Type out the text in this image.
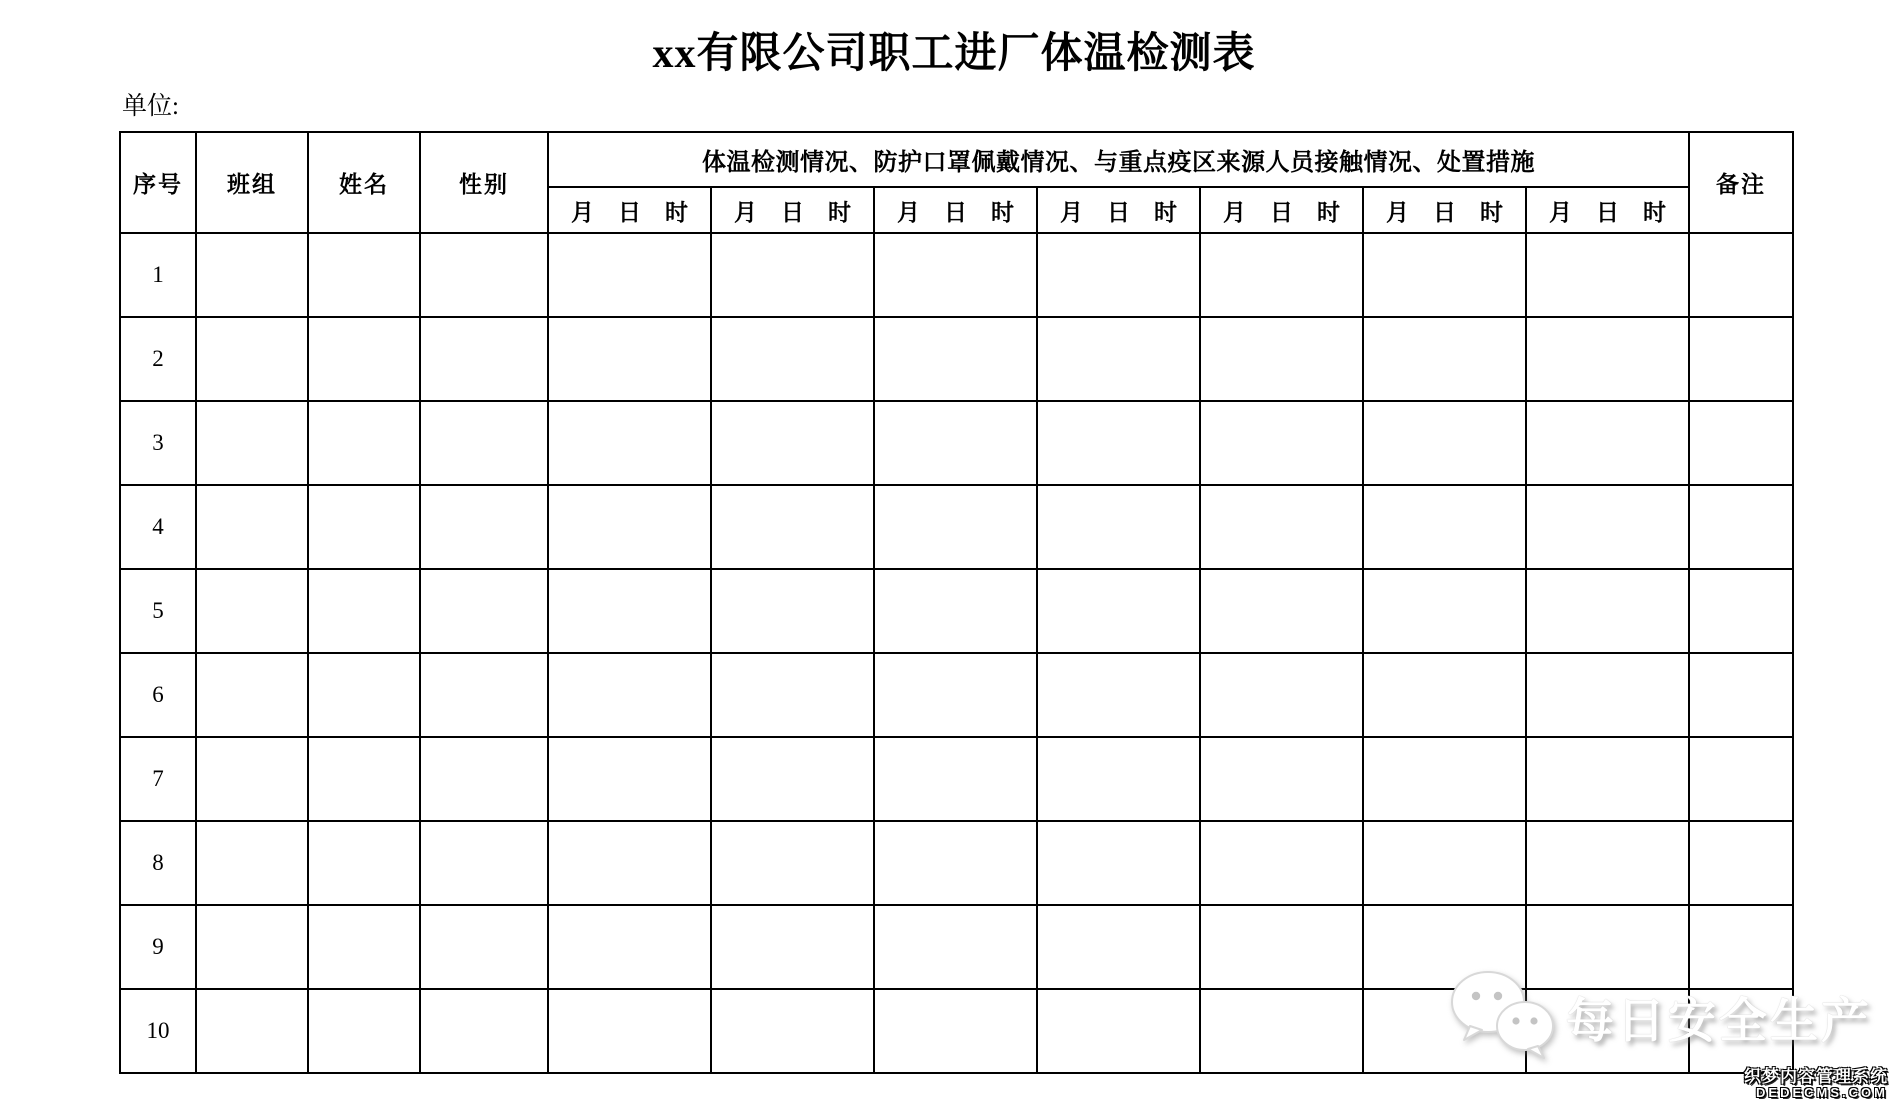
xx有限公司职工进厂体温检测表
单位:
序号	班组	姓名	性别	体温检测情况、防护口罩佩戴情况、与重点疫区来源人员接触情况、处置措施							备注

				月 日 时	月 日 时	月 日 时	月 日 时	月 日 时	月 日 时	月 日 时	

1											
2											
3											
4											
5											
6											
7											
8											
9											
10												每日安全生产
织梦内容管理系统
DEDECMS.COM
